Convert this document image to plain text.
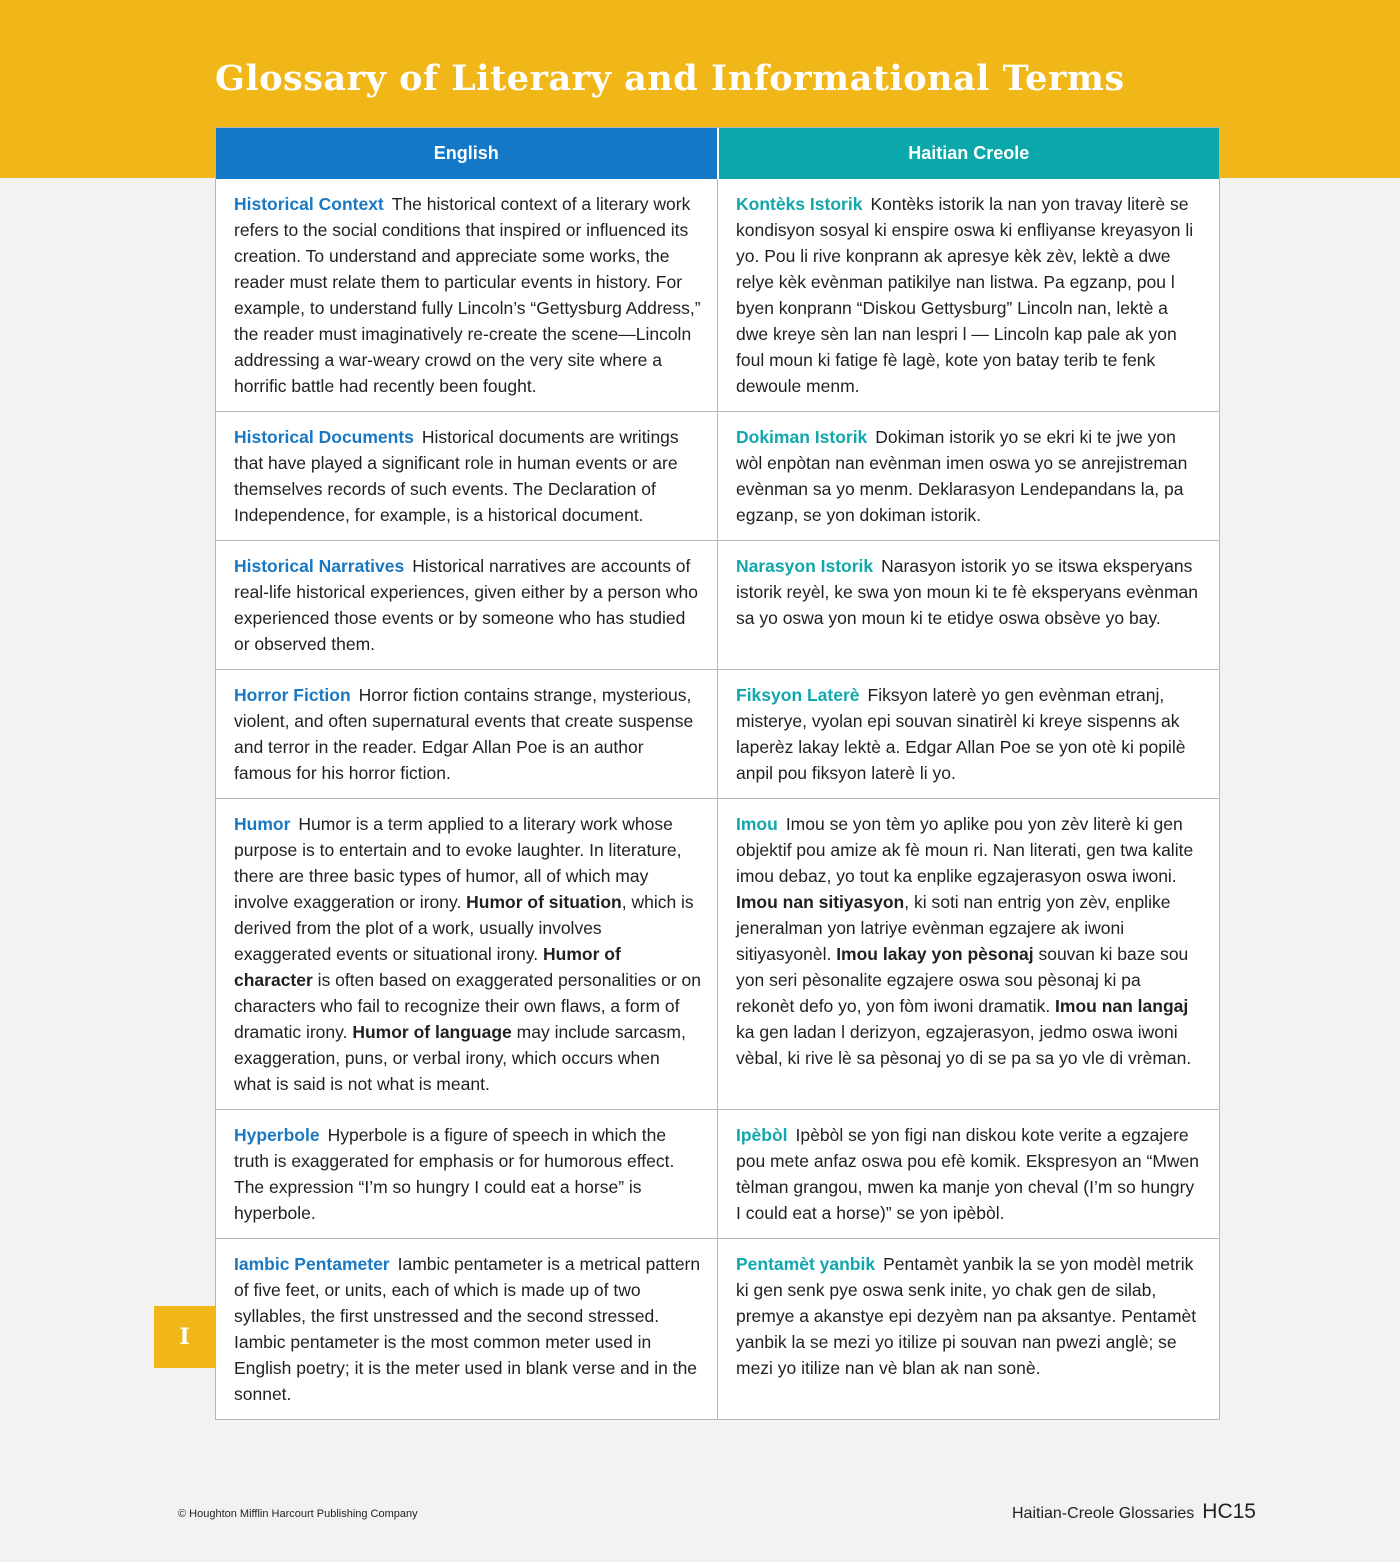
Glossary of Literary and Informational Terms
English	Haitian Creole
Historical Context The historical context of a literary work refers to the social conditions that inspired or influenced its creation. To understand and appreciate some works, the reader must relate them to particular events in history. For example, to understand fully Lincoln’s “Gettysburg Address,” the reader must imaginatively re-create the scene—Lincoln addressing a war-weary crowd on the very site where a horrific battle had recently been fought.
Kontèks Istorik Kontèks istorik la nan yon travay literè se kondisyon sosyal ki enspire oswa ki enfliyanse kreyasyon li yo. Pou li rive konprann ak apresye kèk zèv, lektè a dwe relye kèk evènman patikilye nan listwa. Pa egzanp, pou l byen konprann “Diskou Gettysburg” Lincoln nan, lektè a dwe kreye sèn lan nan lespri l — Lincoln kap pale ak yon foul moun ki fatige fè lagè, kote yon batay terib te fenk dewoule menm.
Historical Documents Historical documents are writings that have played a significant role in human events or are themselves records of such events. The Declaration of Independence, for example, is a historical document.
Dokiman Istorik Dokiman istorik yo se ekri ki te jwe yon wòl enpòtan nan evènman imen oswa yo se anrejistreman evènman sa yo menm. Deklarasyon Lendepandans la, pa egzanp, se yon dokiman istorik.
Historical Narratives Historical narratives are accounts of real-life historical experiences, given either by a person who experienced those events or by someone who has studied or observed them.
Narasyon Istorik Narasyon istorik yo se itswa eksperyans istorik reyèl, ke swa yon moun ki te fè eksperyans evènman sa yo oswa yon moun ki te etidye oswa obsève yo bay.
Horror Fiction Horror fiction contains strange, mysterious, violent, and often supernatural events that create suspense and terror in the reader. Edgar Allan Poe is an author famous for his horror fiction.
Fiksyon Laterè Fiksyon laterè yo gen evènman etranj, misterye, vyolan epi souvan sinatirèl ki kreye sispenns ak laperèz lakay lektè a. Edgar Allan Poe se yon otè ki popilè anpil pou fiksyon laterè li yo.
Humor Humor is a term applied to a literary work whose purpose is to entertain and to evoke laughter. In literature, there are three basic types of humor, all of which may involve exaggeration or irony. Humor of situation, which is derived from the plot of a work, usually involves exaggerated events or situational irony. Humor of character is often based on exaggerated personalities or on characters who fail to recognize their own flaws, a form of dramatic irony. Humor of language may include sarcasm, exaggeration, puns, or verbal irony, which occurs when what is said is not what is meant.
Imou Imou se yon tèm yo aplike pou yon zèv literè ki gen objektif pou amize ak fè moun ri. Nan literati, gen twa kalite imou debaz, yo tout ka enplike egzajerasyon oswa iwoni. Imou nan sitiyasyon, ki soti nan entrig yon zèv, enplike jeneralman yon latriye evènman egzajere ak iwoni sitiyasyonèl. Imou lakay yon pèsonaj souvan ki baze sou yon seri pèsonalite egzajere oswa sou pèsonaj ki pa rekonèt defo yo, yon fòm iwoni dramatik. Imou nan langaj ka gen ladan l derizyon, egzajerasyon, jedmo oswa iwoni vèbal, ki rive lè sa pèsonaj yo di se pa sa yo vle di vrèman.
Hyperbole Hyperbole is a figure of speech in which the truth is exaggerated for emphasis or for humorous effect. The expression “I’m so hungry I could eat a horse” is hyperbole.
Ipèbòl Ipèbòl se yon figi nan diskou kote verite a egzajere pou mete anfaz oswa pou efè komik. Ekspresyon an “Mwen tèlman grangou, mwen ka manje yon cheval (I’m so hungry I could eat a horse)” se yon ipèbòl.
Iambic Pentameter Iambic pentameter is a metrical pattern of five feet, or units, each of which is made up of two syllables, the first unstressed and the second stressed. Iambic pentameter is the most common meter used in English poetry; it is the meter used in blank verse and in the sonnet.
Pentamèt yanbik Pentamèt yanbik la se yon modèl metrik ki gen senk pye oswa senk inite, yo chak gen de silab, premye a akanstye epi dezyèm nan pa aksantye. Pentamèt yanbik la se mezi yo itilize pi souvan nan pwezi anglè; se mezi yo itilize nan vè blan ak nan sonè.
I
© Houghton Mifflin Harcourt Publishing Company	Haitian-Creole Glossaries HC15
